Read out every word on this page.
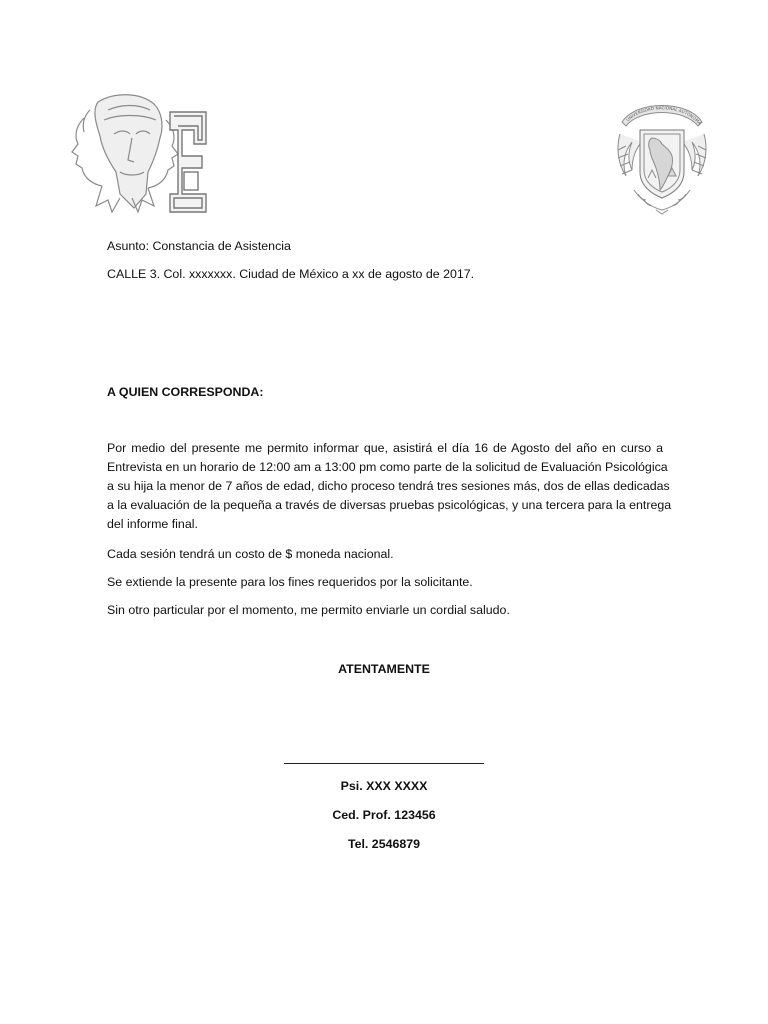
UNIVERSIDAD NACIONAL AUTÓNOMA
Asunto: Constancia de Asistencia
CALLE 3. Col. xxxxxxx. Ciudad de México a xx de agosto de 2017.
A QUIEN CORRESPONDA:
Por medio del presente me permito informar que, asistirá el día 16 de Agosto del año en curso a
Entrevista en un horario de 12:00 am a 13:00 pm como parte de la solicitud de Evaluación Psicológica
a su hija la menor de 7 años de edad, dicho proceso tendrá tres sesiones más, dos de ellas dedicadas
a la evaluación de la pequeña a través de diversas pruebas psicológicas, y una tercera para la entrega
del informe final.
Cada sesión tendrá un costo de $ moneda nacional.
Se extiende la presente para los fines requeridos por la solicitante.
Sin otro particular por el momento, me permito enviarle un cordial saludo.
ATENTAMENTE
Psi. XXX XXXX
Ced. Prof. 123456
Tel. 2546879
